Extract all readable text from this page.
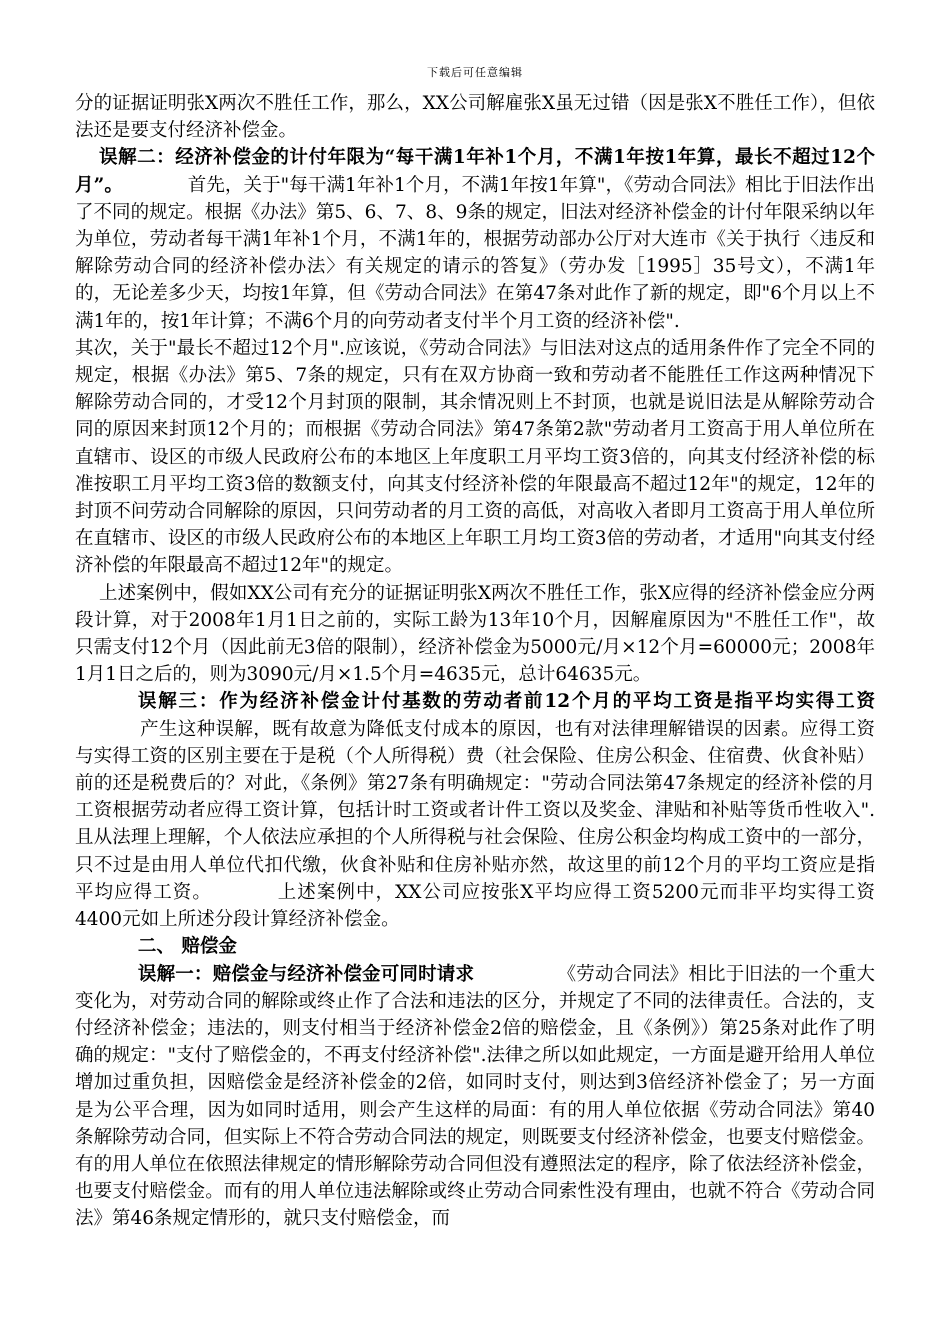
下载后可任意编辑

分的证据证明张X两次不胜任工作，那么，XX公司解雇张X虽无过错（因是张X不胜任工作），但依法还是要支付经济补偿金。

误解二：经济补偿金的计付年限为“每干满1年补1个月，不满1年按1年算，最长不超过12个月”。	首先，关于"每干满1年补1个月，不满1年按1年算"，《劳动合同法》相比于旧法作出了不同的规定。根据《办法》第5、6、7、8、9条的规定，旧法对经济补偿金的计付年限采纳以年为单位，劳动者每干满1年补1个月，不满1年的，根据劳动部办公厅对大连市《关于执行〈违反和解除劳动合同的经济补偿办法〉有关规定的请示的答复》（劳办发［1995］35号文），不满1年的，无论差多少天，均按1年算，但《劳动合同法》在第47条对此作了新的规定，即"6个月以上不满1年的，按1年计算；不满6个月的向劳动者支付半个月工资的经济补偿".

其次，关于"最长不超过12个月".应该说，《劳动合同法》与旧法对这点的适用条件作了完全不同的规定，根据《办法》第5、7条的规定，只有在双方协商一致和劳动者不能胜任工作这两种情况下解除劳动合同的，才受12个月封顶的限制，其余情况则上不封顶，也就是说旧法是从解除劳动合同的原因来封顶12个月的；而根据《劳动合同法》第47条第2款"劳动者月工资高于用人单位所在直辖市、设区的市级人民政府公布的本地区上年度职工月平均工资3倍的，向其支付经济补偿的标准按职工月平均工资3倍的数额支付，向其支付经济补偿的年限最高不超过12年"的规定，12年的封顶不问劳动合同解除的原因，只问劳动者的月工资的高低，对高收入者即月工资高于用人单位所在直辖市、设区的市级人民政府公布的本地区上年职工月均工资3倍的劳动者，才适用"向其支付经济补偿的年限最高不超过12年"的规定。

上述案例中，假如XX公司有充分的证据证明张X两次不胜任工作，张X应得的经济补偿金应分两段计算，对于2008年1月1日之前的，实际工龄为13年10个月，因解雇原因为"不胜任工作"，故只需支付12个月（因此前无3倍的限制），经济补偿金为5000元/月×12个月=60000元；2008年1月1日之后的，则为3090元/月×1.5个月=4635元，总计64635元。

误解三：作为经济补偿金计付基数的劳动者前12个月的平均工资是指平均实得工资产生这种误解，既有故意为降低支付成本的原因，也有对法律理解错误的因素。应得工资与实得工资的区别主要在于是税（个人所得税）费（社会保险、住房公积金、住宿费、伙食补贴）前的还是税费后的？对此，《条例》第27条有明确规定："劳动合同法第47条规定的经济补偿的月工资根据劳动者应得工资计算，包括计时工资或者计件工资以及奖金、津贴和补贴等货币性收入".且从法理上理解，个人依法应承担的个人所得税与社会保险、住房公积金均构成工资中的一部分，只不过是由用人单位代扣代缴，伙食补贴和住房补贴亦然，故这里的前12个月的平均工资应是指平均应得工资。	上述案例中，XX公司应按张X平均应得工资5200元而非平均实得工资4400元如上所述分段计算经济补偿金。

二、 赔偿金

误解一：赔偿金与经济补偿金可同时请求	《劳动合同法》相比于旧法的一个重大变化为，对劳动合同的解除或终止作了合法和违法的区分，并规定了不同的法律责任。合法的，支付经济补偿金；违法的，则支付相当于经济补偿金2倍的赔偿金，且《条例》）第25条对此作了明确的规定："支付了赔偿金的，不再支付经济补偿".法律之所以如此规定，一方面是避开给用人单位增加过重负担，因赔偿金是经济补偿金的2倍，如同时支付，则达到3倍经济补偿金了；另一方面是为公平合理，因为如同时适用，则会产生这样的局面：有的用人单位依据《劳动合同法》第40条解除劳动合同，但实际上不符合劳动合同法的规定，则既要支付经济补偿金，也要支付赔偿金。有的用人单位在依照法律规定的情形解除劳动合同但没有遵照法定的程序，除了依法经济补偿金，也要支付赔偿金。而有的用人单位违法解除或终止劳动合同索性没有理由，也就不符合《劳动合同法》第46条规定情形的，就只支付赔偿金，而
